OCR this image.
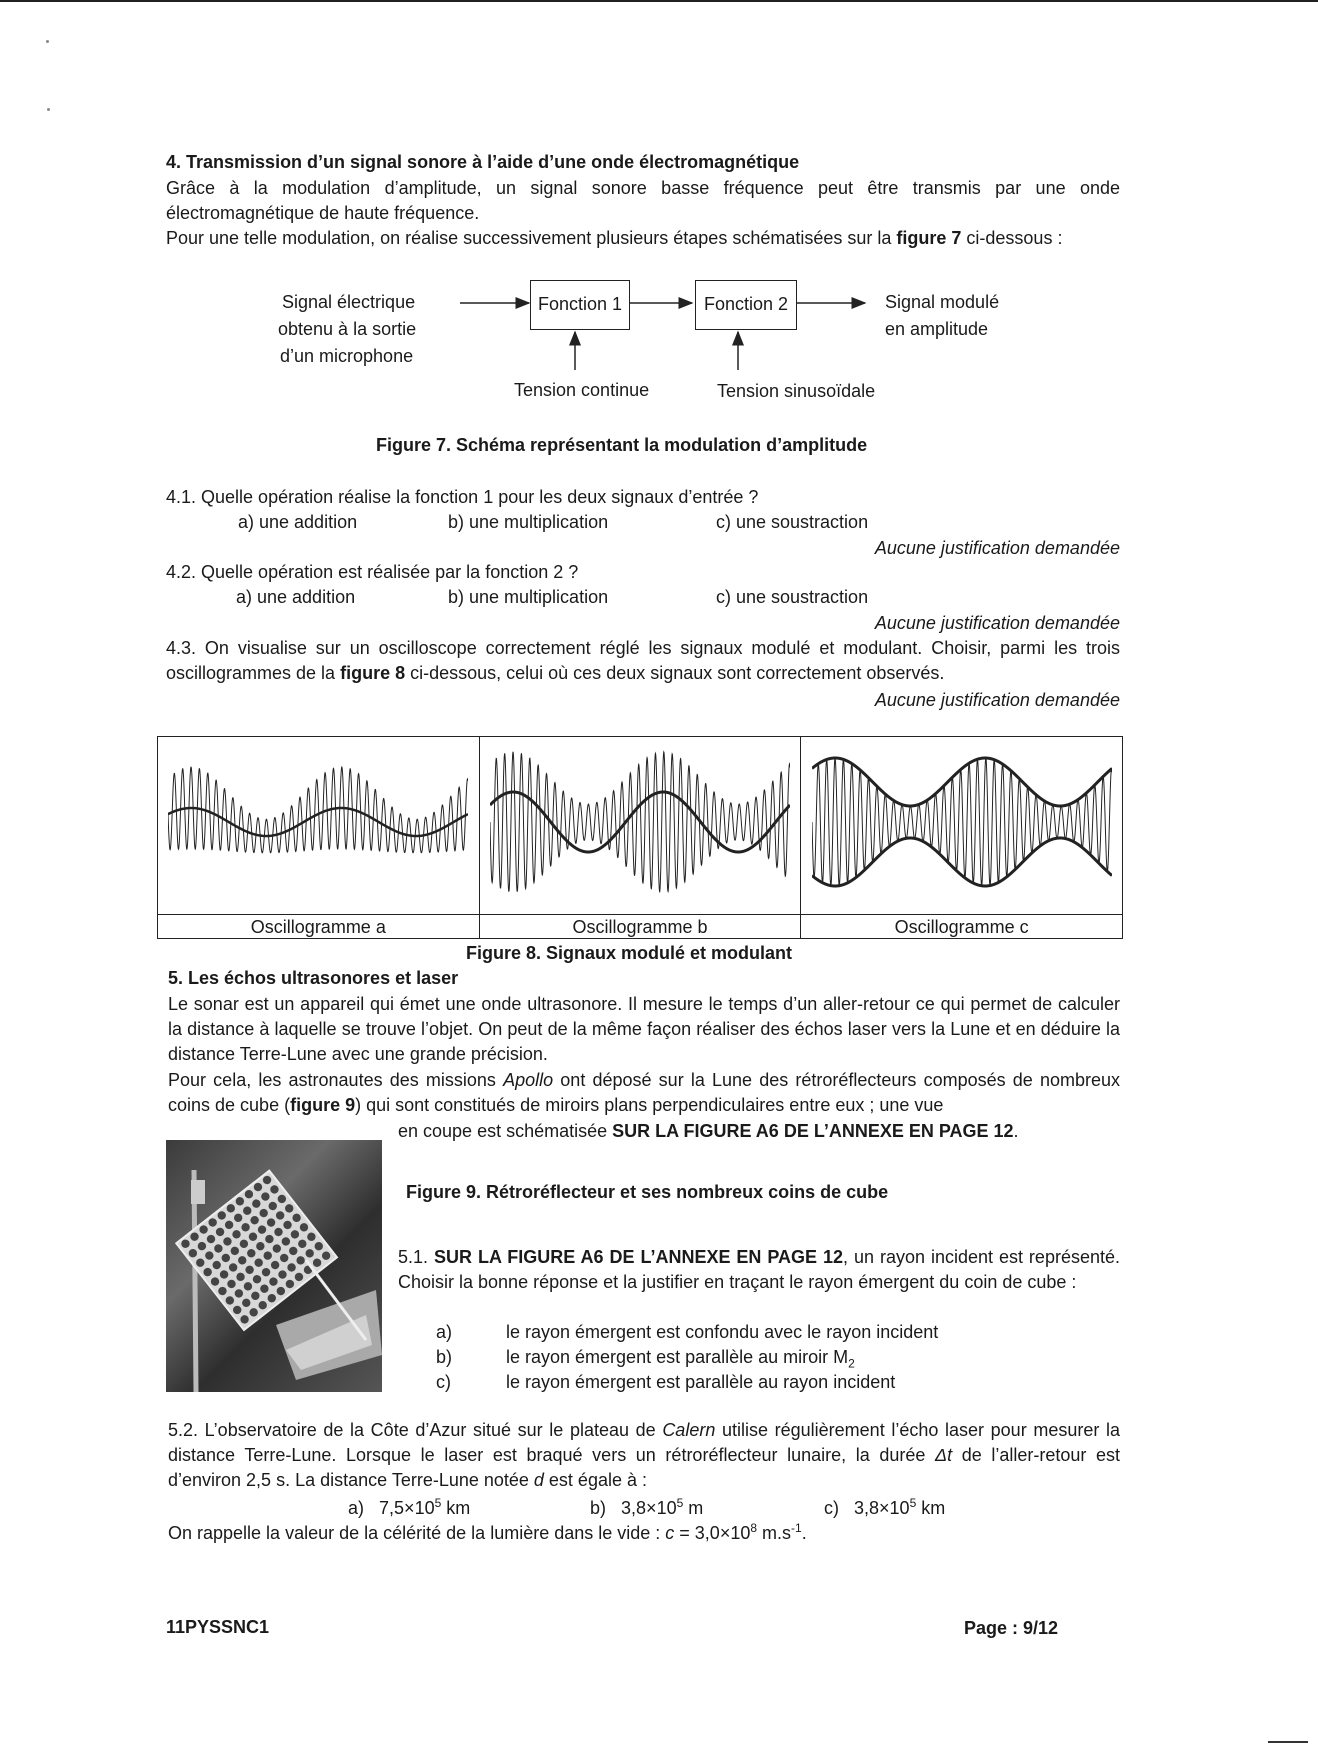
4. Transmission d’un signal sonore à l’aide d’une onde électromagnétique
Grâce à la modulation d’amplitude, un signal sonore basse fréquence peut être transmis par une onde électromagnétique de haute fréquence.
Pour une telle modulation, on réalise successivement plusieurs étapes schématisées sur la figure 7 ci-dessous :
Signal électrique
obtenu à la sortie
d’un microphone
Fonction 1	Fonction 2	Signal modulé
en amplitude
Tension continue	Tension sinusoïdale
Figure 7. Schéma représentant la modulation d’amplitude
4.1. Quelle opération réalise la fonction 1 pour les deux signaux d’entrée ?
a) une addition	b) une multiplication	c) une soustraction
Aucune justification demandée
4.2. Quelle opération est réalisée par la fonction 2 ?
a) une addition	b) une multiplication	c) une soustraction
Aucune justification demandée
4.3. On visualise sur un oscilloscope correctement réglé les signaux modulé et modulant. Choisir, parmi les trois oscillogrammes de la figure 8 ci-dessous, celui où ces deux signaux sont correctement observés.
Aucune justification demandée

Oscillogramme a	Oscillogramme b	Oscillogramme c
Figure 8. Signaux modulé et modulant
5. Les échos ultrasonores et laser
Le sonar est un appareil qui émet une onde ultrasonore. Il mesure le temps d’un aller-retour ce qui permet de calculer la distance à laquelle se trouve l’objet. On peut de la même façon réaliser des échos laser vers la Lune et en déduire la distance Terre-Lune avec une grande précision.
Pour cela, les astronautes des missions Apollo ont déposé sur la Lune des rétroréflecteurs composés de nombreux coins de cube (figure 9) qui sont constitués de miroirs plans perpendiculaires entre eux ; une vue
en coupe est schématisée SUR LA FIGURE A6 DE L’ANNEXE EN PAGE 12.
Figure 9. Rétroréflecteur et ses nombreux coins de cube
5.1. SUR LA FIGURE A6 DE L’ANNEXE EN PAGE 12, un rayon incident est représenté. Choisir la bonne réponse et la justifier en traçant le rayon émergent du coin de cube :
a)	le rayon émergent est confondu avec le rayon incident
b)	le rayon émergent est parallèle au miroir $M_2$
c)	le rayon émergent est parallèle au rayon incident
5.2. L’observatoire de la Côte d’Azur situé sur le plateau de Calern utilise régulièrement l’écho laser pour mesurer la distance Terre-Lune. Lorsque le laser est braqué vers un rétroréflecteur lunaire, la durée Δt de l’aller-retour est d’environ 2,5 s. La distance Terre-Lune notée d est égale à :
a) $7,5\times 10^5$ km	b) $3,8\times 10^5$ m	c) $3,8\times 10^5$ km
On rappelle la valeur de la célérité de la lumière dans le vide : $c = 3,0\times 10^8$ $m.s^{-1}$.
11PYSSNC1	Page : 9/12
